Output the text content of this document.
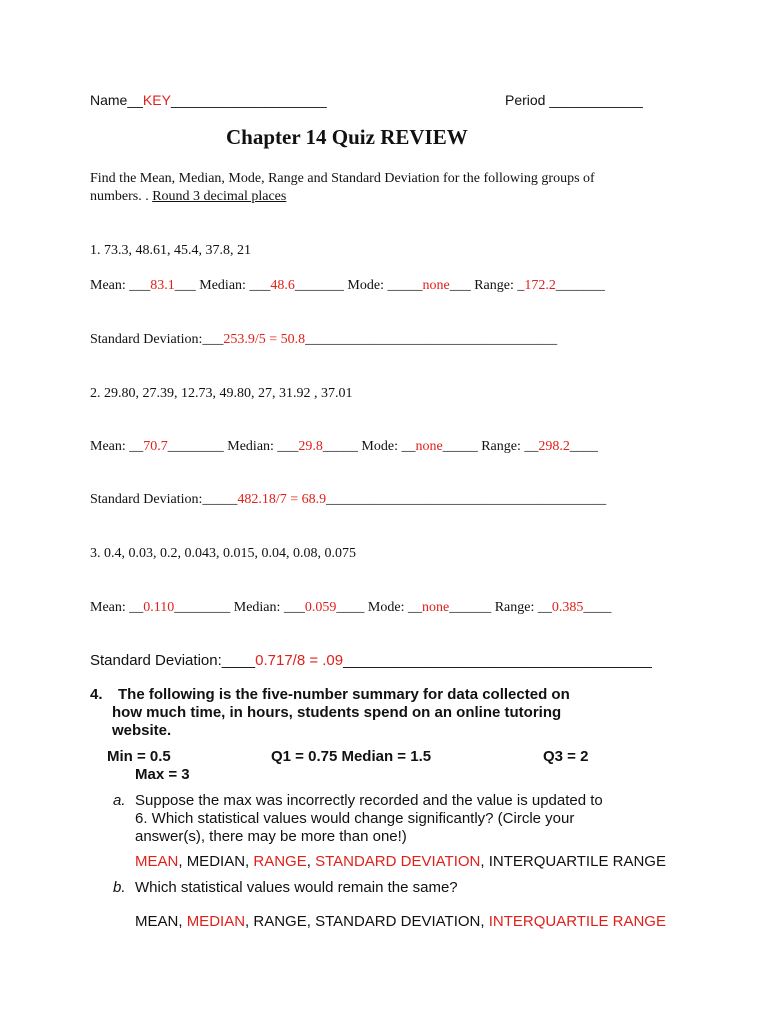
Name__KEY____________________	Period ____________
Chapter 14 Quiz REVIEW
Find the Mean, Median, Mode, Range and Standard Deviation for the following groups of
numbers. . Round 3 decimal places
1. 73.3, 48.61, 45.4, 37.8, 21
Mean: ___83.1___ Median: ___48.6_______ Mode: _____none___ Range: _172.2_______
Standard Deviation:___253.9/5 = 50.8____________________________________
2. 29.80, 27.39, 12.73, 49.80, 27, 31.92 , 37.01
Mean: __70.7________ Median: ___29.8_____ Mode: __none_____ Range: __298.2____
Standard Deviation:_____482.18/7 = 68.9________________________________________
3. 0.4, 0.03, 0.2, 0.043, 0.015, 0.04, 0.08, 0.075
Mean: __0.110________ Median: ___0.059____ Mode: __none______ Range: __0.385____
Standard Deviation:____0.717/8 = .09_____________________________________
4. The following is the five-number summary for data collected on
how much time, in hours, students spend on an online tutoring
website.
Min = 0.5	Q1 = 0.75 Median = 1.5	Q3 = 2
Max = 3
a. Suppose the max was incorrectly recorded and the value is updated to
6. Which statistical values would change significantly? (Circle your
answer(s), there may be more than one!)
MEAN, MEDIAN, RANGE, STANDARD DEVIATION, INTERQUARTILE RANGE
b. Which statistical values would remain the same?
MEAN, MEDIAN, RANGE, STANDARD DEVIATION, INTERQUARTILE RANGE
